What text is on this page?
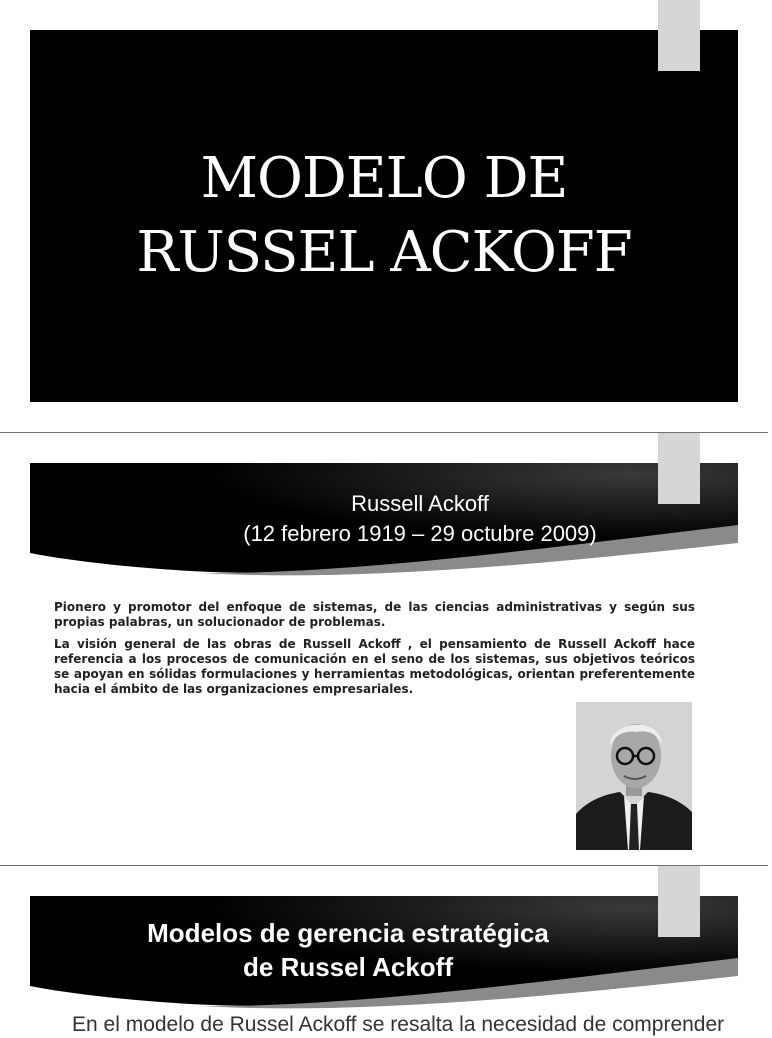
MODELO DE
RUSSEL ACKOFF
Russell Ackoff
(12 febrero 1919 – 29 octubre 2009)

Pionero y promotor del enfoque de sistemas, de las ciencias administrativas y según sus propias palabras, un solucionador de problemas.

La visión general de las obras de Russell Ackoff , el pensamiento de Russell Ackoff hace referencia a los procesos de comunicación en el seno de los sistemas, sus objetivos teóricos se apoyan en sólidas formulaciones y herramientas metodológicas, orientan preferentemente hacia el ámbito de las organizaciones empresariales.

Modelos de gerencia estratégica
de Russel Ackoff
En el modelo de Russel Ackoff se resalta la necesidad de comprender
